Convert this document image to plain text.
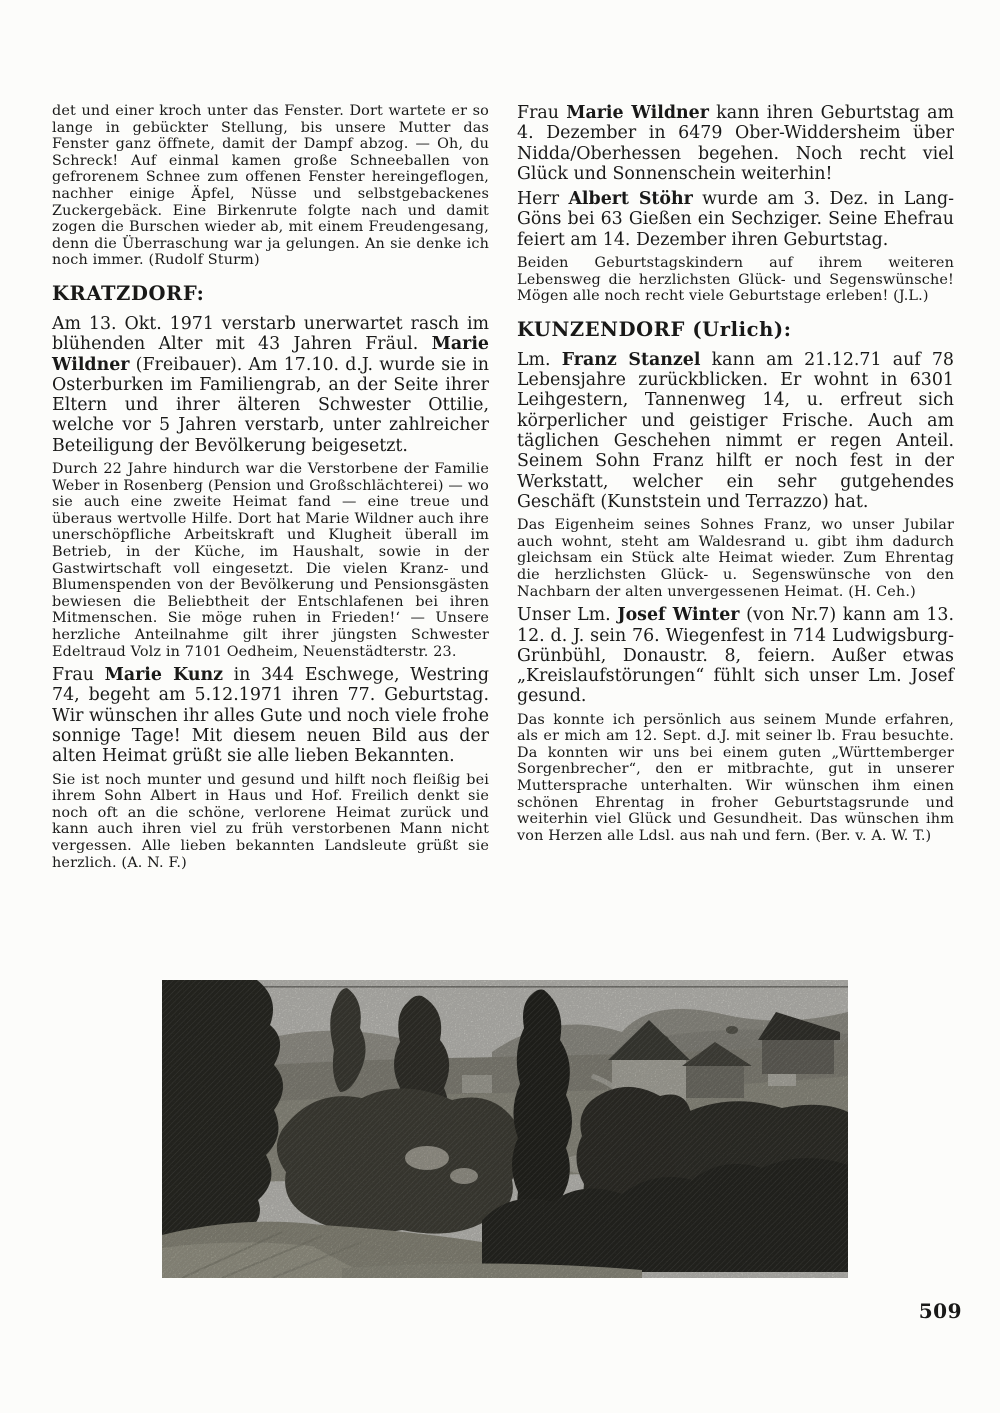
det und einer kroch unter das Fenster. Dort wartete er so lange in gebückter Stellung, bis unsere Mutter das Fenster ganz öffnete, damit der Dampf abzog. — Oh, du Schreck! Auf einmal kamen große Schneeballen von gefrorenem Schnee zum offenen Fenster hereingeflogen, nachher einige Äpfel, Nüsse und selbstgebackenes Zuckergebäck. Eine Birkenrute folgte nach und damit zogen die Burschen wieder ab, mit einem Freudengesang, denn die Überraschung war ja gelungen. An sie denke ich noch immer. (Rudolf Sturm)

KRATZDORF:

Am 13. Okt. 1971 verstarb unerwartet rasch im blühenden Alter mit 43 Jahren Fräul. Marie Wildner (Freibauer). Am 17.10. d.J. wurde sie in Osterburken im Familiengrab, an der Seite ihrer Eltern und ihrer älteren Schwester Ottilie, welche vor 5 Jahren verstarb, unter zahlreicher Beteiligung der Bevölkerung beigesetzt.

Durch 22 Jahre hindurch war die Verstorbene der Familie Weber in Rosenberg (Pension und Großschlächterei) — wo sie auch eine zweite Heimat fand — eine treue und überaus wertvolle Hilfe. Dort hat Marie Wildner auch ihre unerschöpfliche Arbeitskraft und Klugheit überall im Betrieb, in der Küche, im Haushalt, sowie in der Gastwirtschaft voll eingesetzt. Die vielen Kranz- und Blumenspenden von der Bevölkerung und Pensionsgästen bewiesen die Beliebtheit der Entschlafenen bei ihren Mitmenschen. Sie möge ruhen in Frieden!‘ — Unsere herzliche Anteilnahme gilt ihrer jüngsten Schwester Edeltraud Volz in 7101 Oedheim, Neuenstädterstr. 23.

Frau Marie Kunz in 344 Eschwege, Westring 74, begeht am 5.12.1971 ihren 77. Geburtstag. Wir wünschen ihr alles Gute und noch viele frohe sonnige Tage! Mit diesem neuen Bild aus der alten Heimat grüßt sie alle lieben Bekannten.

Sie ist noch munter und gesund und hilft noch fleißig bei ihrem Sohn Albert in Haus und Hof. Freilich denkt sie noch oft an die schöne, verlorene Heimat zurück und kann auch ihren viel zu früh verstorbenen Mann nicht vergessen. Alle lieben bekannten Landsleute grüßt sie herzlich. (A. N. F.)

Frau Marie Wildner kann ihren Geburtstag am 4. Dezember in 6479 Ober-Widdersheim über Nidda/Oberhessen begehen. Noch recht viel Glück und Sonnenschein weiterhin!

Herr Albert Stöhr wurde am 3. Dez. in Lang-Göns bei 63 Gießen ein Sechziger. Seine Ehefrau feiert am 14. Dezember ihren Geburtstag.

Beiden Geburtstagskindern auf ihrem weiteren Lebensweg die herzlichsten Glück- und Segenswünsche! Mögen alle noch recht viele Geburtstage erleben! (J.L.)

KUNZENDORF (Urlich):

Lm. Franz Stanzel kann am 21.12.71 auf 78 Lebensjahre zurückblicken. Er wohnt in 6301 Leihgestern, Tannenweg 14, u. erfreut sich körperlicher und geistiger Frische. Auch am täglichen Geschehen nimmt er regen Anteil. Seinem Sohn Franz hilft er noch fest in der Werkstatt, welcher ein sehr gutgehendes Geschäft (Kunststein und Terrazzo) hat.

Das Eigenheim seines Sohnes Franz, wo unser Jubilar auch wohnt, steht am Waldesrand u. gibt ihm dadurch gleichsam ein Stück alte Heimat wieder. Zum Ehrentag die herzlichsten Glück- u. Segenswünsche von den Nachbarn der alten unvergessenen Heimat. (H. Ceh.)

Unser Lm. Josef Winter (von Nr.7) kann am 13. 12. d. J. sein 76. Wiegenfest in 714 Ludwigsburg-Grünbühl, Donaustr. 8, feiern. Außer etwas „Kreislaufstörungen“ fühlt sich unser Lm. Josef gesund.

Das konnte ich persönlich aus seinem Munde erfahren, als er mich am 12. Sept. d.J. mit seiner lb. Frau besuchte. Da konnten wir uns bei einem guten „Württemberger Sorgenbrecher“, den er mitbrachte, gut in unserer Muttersprache unterhalten. Wir wünschen ihm einen schönen Ehrentag in froher Geburtstagsrunde und weiterhin viel Glück und Gesundheit. Das wünschen ihm von Herzen alle Ldsl. aus nah und fern. (Ber. v. A. W. T.)

509
